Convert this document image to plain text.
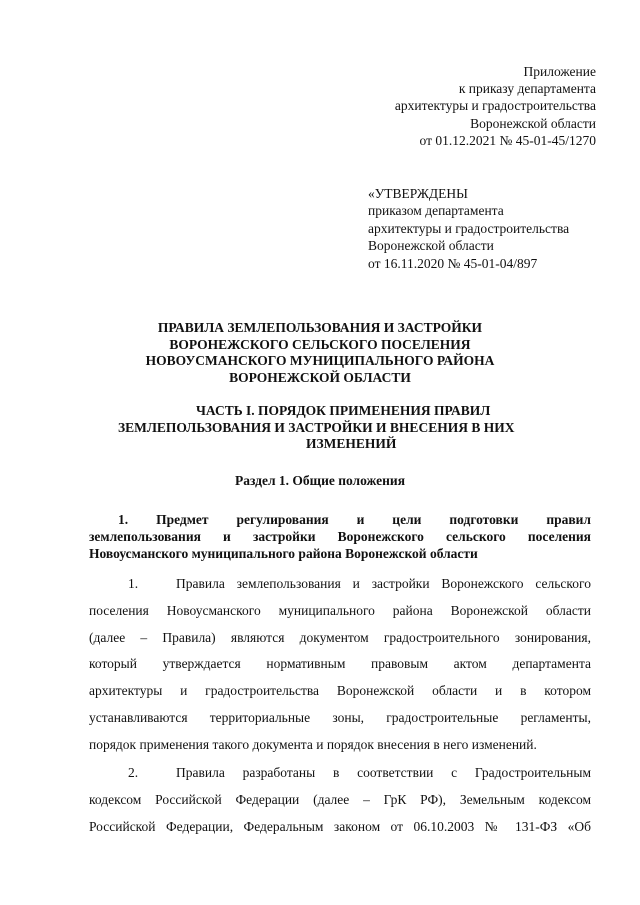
Приложение
к приказу департамента
архитектуры и градостроительства
Воронежской области
от 01.12.2021 № 45-01-45/1270
«УТВЕРЖДЕНЫ
приказом департамента
архитектуры и градостроительства
Воронежской области
от 16.11.2020 № 45-01-04/897
ПРАВИЛА ЗЕМЛЕПОЛЬЗОВАНИЯ И ЗАСТРОЙКИ
ВОРОНЕЖСКОГО СЕЛЬСКОГО ПОСЕЛЕНИЯ
НОВОУСМАНСКОГО МУНИЦИПАЛЬНОГО РАЙОНА
ВОРОНЕЖСКОЙ ОБЛАСТИ
ЧАСТЬ I. ПОРЯДОК ПРИМЕНЕНИЯ ПРАВИЛ
ЗЕМЛЕПОЛЬЗОВАНИЯ И ЗАСТРОЙКИ И ВНЕСЕНИЯ В НИХ
ИЗМЕНЕНИЙ
Раздел 1. Общие положения
1. Предмет регулирования и цели подготовки правил
землепользования и застройки Воронежского сельского поселения
Новоусманского муниципального района Воронежской области
1.	Правила землепользования и застройки Воронежского сельского
поселения Новоусманского муниципального района Воронежской области
(далее – Правила) являются документом градостроительного зонирования,
который утверждается нормативным правовым актом департамента
архитектуры и градостроительства Воронежской области и в котором
устанавливаются территориальные зоны, градостроительные регламенты,
порядок применения такого документа и порядок внесения в него изменений.
2.	Правила разработаны в соответствии с Градостроительным
кодексом Российской Федерации (далее – ГрК РФ), Земельным кодексом
Российской Федерации, Федеральным законом от 06.10.2003 № 131-ФЗ «Об
